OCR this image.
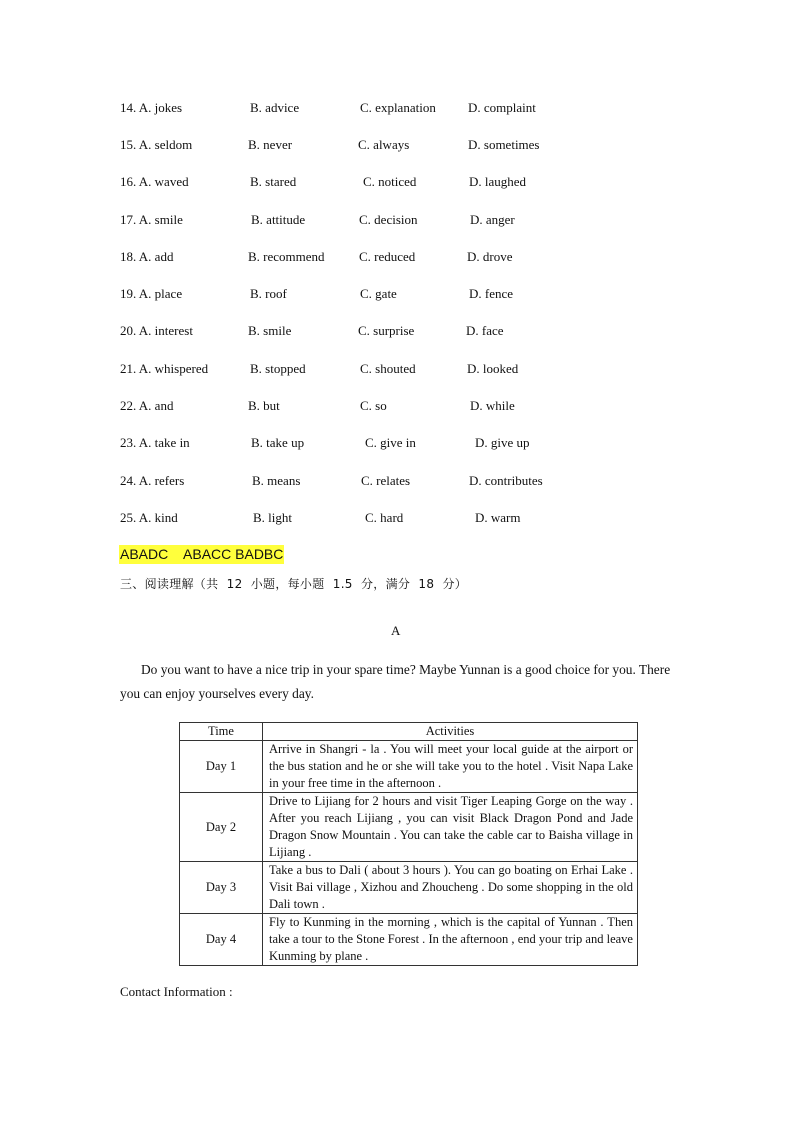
14. A. jokes	B. advice	C. explanation D. complaint
15. A. seldom	B. never	C. always	D. sometimes
16. A. waved	B. stared	C. noticed	D. laughed
17. A. smile	B. attitude	C. decision	D. anger
18. A. add	B. recommend	C. reduced	D. drove
19. A. place	B. roof	C. gate	D. fence
20. A. interest	B. smile	C. surprise	D. face
21. A. whispered	B. stopped	C. shouted	D. looked
22. A. and	B. but	C. so	D. while
23. A. take in	B. take up	C. give in	D. give up
24. A. refers	B. means	C. relates	D. contributes
25. A. kind	B. light	C. hard	D. warm
ABADC    ABACC BADBC
三、阅读理解（共  12  小题，每小题  1.5  分，满分  18  分）
A
Do you want to have a nice trip in your spare time? Maybe Yunnan is a good choice for you. There you can enjoy yourselves every day.
Time	Activities
Day 1	Arrive in Shangri - la . You will meet your local guide at the airport or the bus station and he or she will take you to the hotel . Visit Napa Lake in your free time in the afternoon .
Day 2	Drive to Lijiang for 2 hours and visit Tiger Leaping Gorge on the way . After you reach Lijiang , you can visit Black Dragon Pond and Jade Dragon Snow Mountain . You can take the cable car to Baisha village in Lijiang .
Day 3	Take a bus to Dali ( about 3 hours ). You can go boating on Erhai Lake . Visit Bai village , Xizhou and Zhoucheng . Do some shopping in the old Dali town .
Day 4	Fly to Kunming in the morning , which is the capital of Yunnan . Then take a tour to the Stone Forest . In the afternoon , end your trip and leave Kunming by plane .
Contact Information :
